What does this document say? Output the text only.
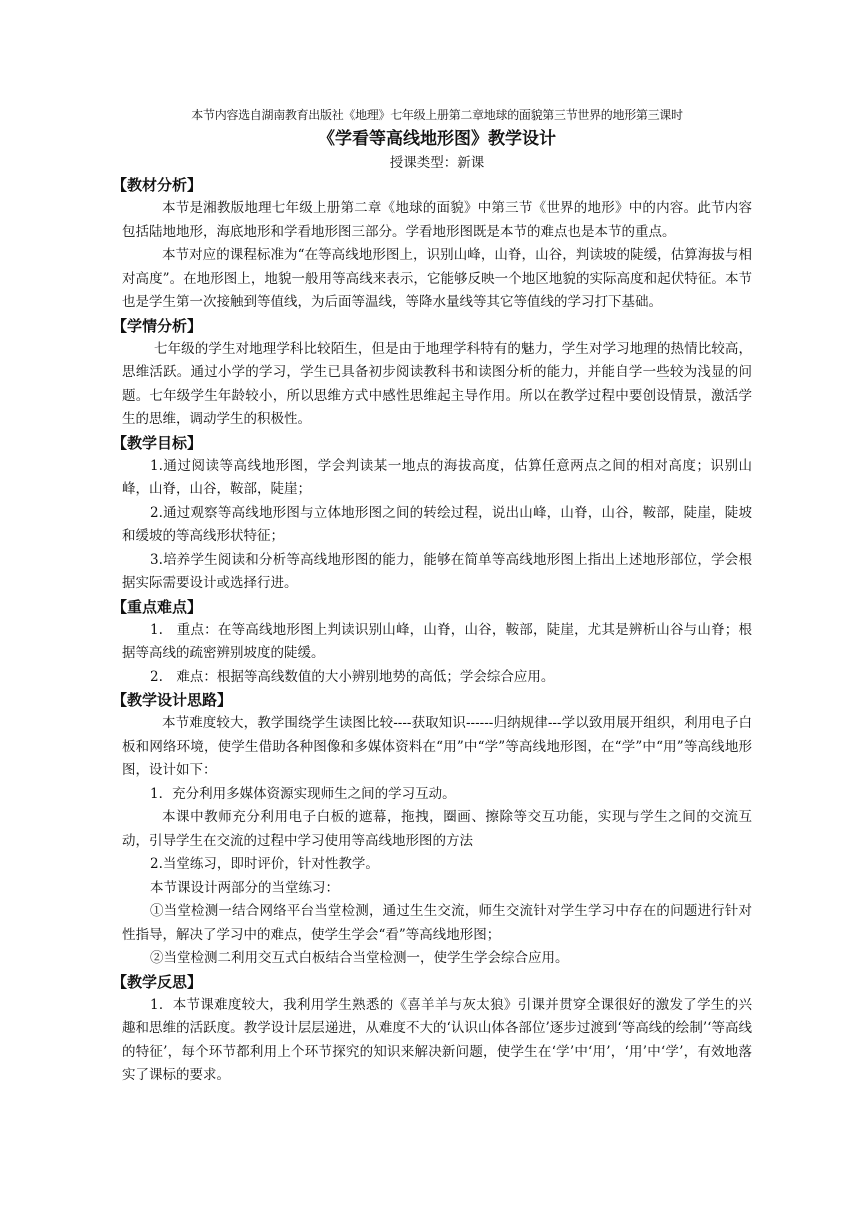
本节内容选自湖南教育出版社《地理》七年级上册第二章地球的面貌第三节世界的地形第三课时
《学看等高线地形图》教学设计
授课类型：新课
【教材分析】

本节是湘教版地理七年级上册第二章《地球的面貌》中第三节《世界的地形》中的内容。此节内容包括陆地地形，海底地形和学看地形图三部分。学看地形图既是本节的难点也是本节的重点。

本节对应的课程标准为“在等高线地形图上，识别山峰，山脊，山谷，判读坡的陡缓，估算海拔与相对高度”。在地形图上，地貌一般用等高线来表示，它能够反映一个地区地貌的实际高度和起伏特征。本节也是学生第一次接触到等值线，为后面等温线，等降水量线等其它等值线的学习打下基础。

【学情分析】

七年级的学生对地理学科比较陌生，但是由于地理学科特有的魅力，学生对学习地理的热情比较高，思维活跃。通过小学的学习，学生已具备初步阅读教科书和读图分析的能力，并能自学一些较为浅显的问题。七年级学生年龄较小，所以思维方式中感性思维起主导作用。所以在教学过程中要创设情景，激活学生的思维，调动学生的积极性。

【教学目标】

1.通过阅读等高线地形图，学会判读某一地点的海拔高度，估算任意两点之间的相对高度；识别山峰，山脊，山谷，鞍部，陡崖；

2.通过观察等高线地形图与立体地形图之间的转绘过程，说出山峰，山脊，山谷，鞍部，陡崖，陡坡和缓坡的等高线形状特征；

3.培养学生阅读和分析等高线地形图的能力，能够在简单等高线地形图上指出上述地形部位，学会根据实际需要设计或选择行进。

【重点难点】

1.　重点：在等高线地形图上判读识别山峰，山脊，山谷，鞍部，陡崖，尤其是辨析山谷与山脊；根据等高线的疏密辨别坡度的陡缓。

2.　难点：根据等高线数值的大小辨别地势的高低；学会综合应用。

【教学设计思路】

本节难度较大，教学围绕学生读图比较----获取知识------归纳规律---学以致用展开组织，利用电子白板和网络环境，使学生借助各种图像和多媒体资料在“用”中“学”等高线地形图，在“学”中“用”等高线地形图，设计如下：

1．充分利用多媒体资源实现师生之间的学习互动。

本课中教师充分利用电子白板的遮幕，拖拽，圈画、擦除等交互功能，实现与学生之间的交流互动，引导学生在交流的过程中学习使用等高线地形图的方法

2.当堂练习，即时评价，针对性教学。

本节课设计两部分的当堂练习：

①当堂检测一结合网络平台当堂检测，通过生生交流，师生交流针对学生学习中存在的问题进行针对性指导，解决了学习中的难点，使学生学会“看”等高线地形图；

②当堂检测二利用交互式白板结合当堂检测一，使学生学会综合应用。

【教学反思】

1．本节课难度较大，我利用学生熟悉的《喜羊羊与灰太狼》引课并贯穿全课很好的激发了学生的兴趣和思维的活跃度。教学设计层层递进，从难度不大的‘认识山体各部位’逐步过渡到‘等高线的绘制’‘等高线的特征’，每个环节都利用上个环节探究的知识来解决新问题，使学生在‘学’中‘用’，‘用’中‘学’，有效地落实了课标的要求。
